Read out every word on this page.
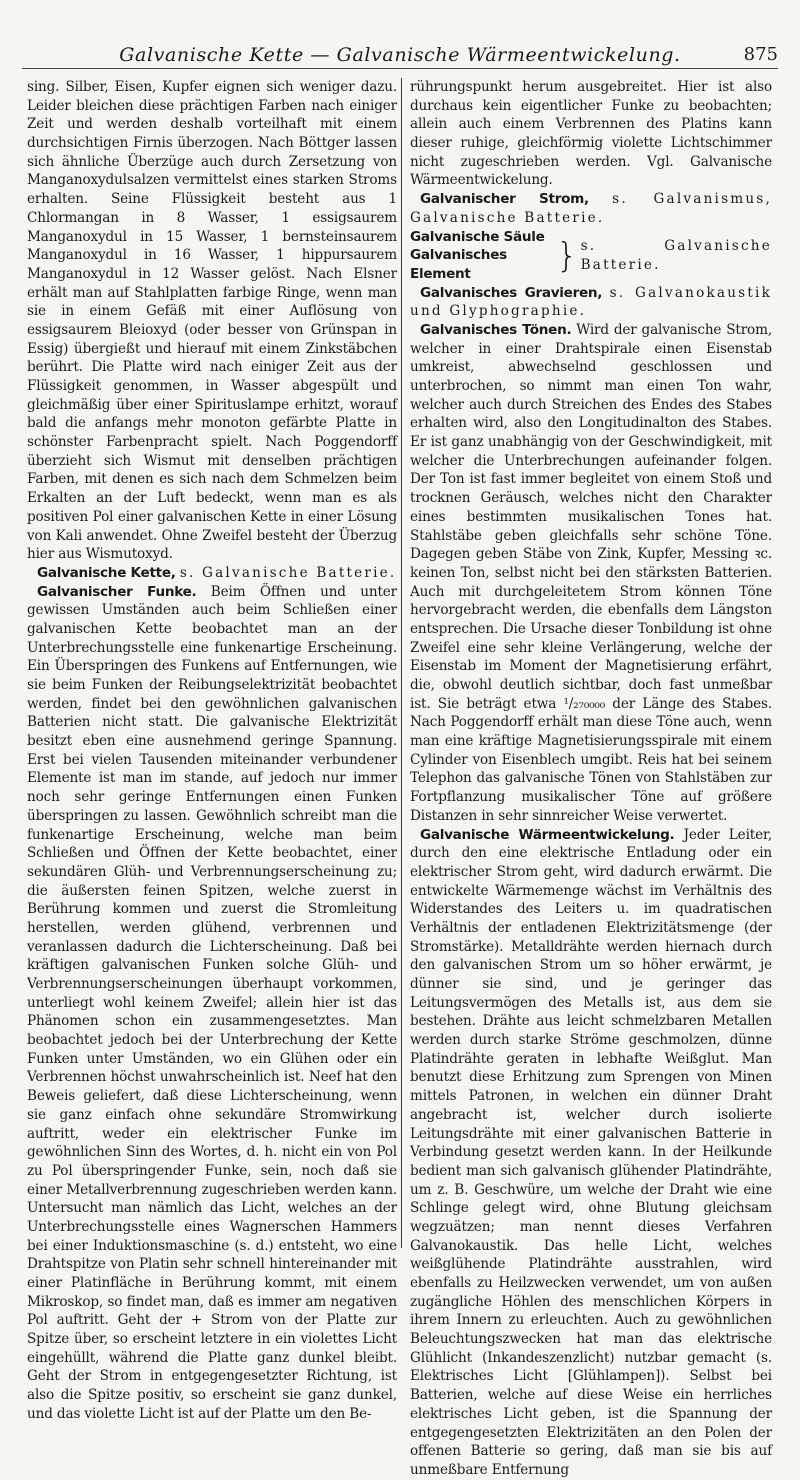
Galvanische Kette — Galvanische Wärmeentwickelung.	875

sing. Silber, Eisen, Kupfer eignen sich weniger dazu. Leider bleichen diese prächtigen Farben nach einiger Zeit und werden deshalb vorteilhaft mit einem durchsichtigen Firnis überzogen. Nach Böttger lassen sich ähnliche Überzüge auch durch Zersetzung von Manganoxydulsalzen vermittelst eines starken Stroms erhalten. Seine Flüssigkeit besteht aus 1 Chlormangan in 8 Wasser, 1 essigsaurem Manganoxydul in 15 Wasser, 1 bernsteinsaurem Manganoxydul in 16 Wasser, 1 hippursaurem Manganoxydul in 12 Wasser gelöst. Nach Elsner erhält man auf Stahlplatten farbige Ringe, wenn man sie in einem Gefäß mit einer Auflösung von essigsaurem Bleioxyd (oder besser von Grünspan in Essig) übergießt und hierauf mit einem Zinkstäbchen berührt. Die Platte wird nach einiger Zeit aus der Flüssigkeit genommen, in Wasser abgespült und gleichmäßig über einer Spirituslampe erhitzt, worauf bald die anfangs mehr monoton gefärbte Platte in schönster Farbenpracht spielt. Nach Poggendorff überzieht sich Wismut mit denselben prächtigen Farben, mit denen es sich nach dem Schmelzen beim Erkalten an der Luft bedeckt, wenn man es als positiven Pol einer galvanischen Kette in einer Lösung von Kali anwendet. Ohne Zweifel besteht der Überzug hier aus Wismutoxyd.

Galvanische Kette, s. Galvanische Batterie.

Galvanischer Funke. Beim Öffnen und unter gewissen Umständen auch beim Schließen einer galvanischen Kette beobachtet man an der Unterbrechungsstelle eine funkenartige Erscheinung. Ein Überspringen des Funkens auf Entfernungen, wie sie beim Funken der Reibungselektrizität beobachtet werden, findet bei den gewöhnlichen galvanischen Batterien nicht statt. Die galvanische Elektrizität besitzt eben eine ausnehmend geringe Spannung. Erst bei vielen Tausenden miteinander verbundener Elemente ist man im stande, auf jedoch nur immer noch sehr geringe Entfernungen einen Funken überspringen zu lassen. Gewöhnlich schreibt man die funkenartige Erscheinung, welche man beim Schließen und Öffnen der Kette beobachtet, einer sekundären Glüh- und Verbrennungserscheinung zu; die äußersten feinen Spitzen, welche zuerst in Berührung kommen und zuerst die Stromleitung herstellen, werden glühend, verbrennen und veranlassen dadurch die Lichterscheinung. Daß bei kräftigen galvanischen Funken solche Glüh- und Verbrennungserscheinungen überhaupt vorkommen, unterliegt wohl keinem Zweifel; allein hier ist das Phänomen schon ein zusammengesetztes. Man beobachtet jedoch bei der Unterbrechung der Kette Funken unter Umständen, wo ein Glühen oder ein Verbrennen höchst unwahrscheinlich ist. Neef hat den Beweis geliefert, daß diese Lichterscheinung, wenn sie ganz einfach ohne sekundäre Stromwirkung auftritt, weder ein elektrischer Funke im gewöhnlichen Sinn des Wortes, d. h. nicht ein von Pol zu Pol überspringender Funke, sein, noch daß sie einer Metallverbrennung zugeschrieben werden kann. Untersucht man nämlich das Licht, welches an der Unterbrechungsstelle eines Wagnerschen Hammers bei einer Induktionsmaschine (s. d.) entsteht, wo eine Drahtspitze von Platin sehr schnell hintereinander mit einer Platinfläche in Berührung kommt, mit einem Mikroskop, so findet man, daß es immer am negativen Pol auftritt. Geht der + Strom von der Platte zur Spitze über, so erscheint letztere in ein violettes Licht eingehüllt, während die Platte ganz dunkel bleibt. Geht der Strom in entgegengesetzter Richtung, ist also die Spitze positiv, so erscheint sie ganz dunkel, und das violette Licht ist auf der Platte um den Be-

rührungspunkt herum ausgebreitet. Hier ist also durchaus kein eigentlicher Funke zu beobachten; allein auch einem Verbrennen des Platins kann dieser ruhige, gleichförmig violette Lichtschimmer nicht zugeschrieben werden. Vgl. Galvanische Wärmeentwickelung.

Galvanischer Strom, s. Galvanismus, Galvanische Batterie.

Galvanische Säule
Galvanisches Element	} s. Galvanische Batterie.

Galvanisches Gravieren, s. Galvanokaustik und Glyphographie.

Galvanisches Tönen. Wird der galvanische Strom, welcher in einer Drahtspirale einen Eisenstab umkreist, abwechselnd geschlossen und unterbrochen, so nimmt man einen Ton wahr, welcher auch durch Streichen des Endes des Stabes erhalten wird, also den Longitudinalton des Stabes. Er ist ganz unabhängig von der Geschwindigkeit, mit welcher die Unterbrechungen aufeinander folgen. Der Ton ist fast immer begleitet von einem Stoß und trocknen Geräusch, welches nicht den Charakter eines bestimmten musikalischen Tones hat. Stahlstäbe geben gleichfalls sehr schöne Töne. Dagegen geben Stäbe von Zink, Kupfer, Messing ꝛc. keinen Ton, selbst nicht bei den stärksten Batterien. Auch mit durchgeleitetem Strom können Töne hervorgebracht werden, die ebenfalls dem Längston entsprechen. Die Ursache dieser Tonbildung ist ohne Zweifel eine sehr kleine Verlängerung, welche der Eisenstab im Moment der Magnetisierung erfährt, die, obwohl deutlich sichtbar, doch fast unmeßbar ist. Sie beträgt etwa ¹/₂₇₀₀₀₀ der Länge des Stabes. Nach Poggendorff erhält man diese Töne auch, wenn man eine kräftige Magnetisierungsspirale mit einem Cylinder von Eisenblech umgibt. Reis hat bei seinem Telephon das galvanische Tönen von Stahlstäben zur Fortpflanzung musikalischer Töne auf größere Distanzen in sehr sinnreicher Weise verwertet.

Galvanische Wärmeentwickelung. Jeder Leiter, durch den eine elektrische Entladung oder ein elektrischer Strom geht, wird dadurch erwärmt. Die entwickelte Wärmemenge wächst im Verhältnis des Widerstandes des Leiters u. im quadratischen Verhältnis der entladenen Elektrizitätsmenge (der Stromstärke). Metalldrähte werden hiernach durch den galvanischen Strom um so höher erwärmt, je dünner sie sind, und je geringer das Leitungsvermögen des Metalls ist, aus dem sie bestehen. Drähte aus leicht schmelzbaren Metallen werden durch starke Ströme geschmolzen, dünne Platindrähte geraten in lebhafte Weißglut. Man benutzt diese Erhitzung zum Sprengen von Minen mittels Patronen, in welchen ein dünner Draht angebracht ist, welcher durch isolierte Leitungsdrähte mit einer galvanischen Batterie in Verbindung gesetzt werden kann. In der Heilkunde bedient man sich galvanisch glühender Platindrähte, um z. B. Geschwüre, um welche der Draht wie eine Schlinge gelegt wird, ohne Blutung gleichsam wegzuätzen; man nennt dieses Verfahren Galvanokaustik. Das helle Licht, welches weißglühende Platindrähte ausstrahlen, wird ebenfalls zu Heilzwecken verwendet, um von außen zugängliche Höhlen des menschlichen Körpers in ihrem Innern zu erleuchten. Auch zu gewöhnlichen Beleuchtungszwecken hat man das elektrische Glühlicht (Inkandeszenzlicht) nutzbar gemacht (s. Elektrisches Licht [Glühlampen]). Selbst bei Batterien, welche auf diese Weise ein herrliches elektrisches Licht geben, ist die Spannung der entgegengesetzten Elektrizitäten an den Polen der offenen Batterie so gering, daß man sie bis auf unmeßbare Entfernung
